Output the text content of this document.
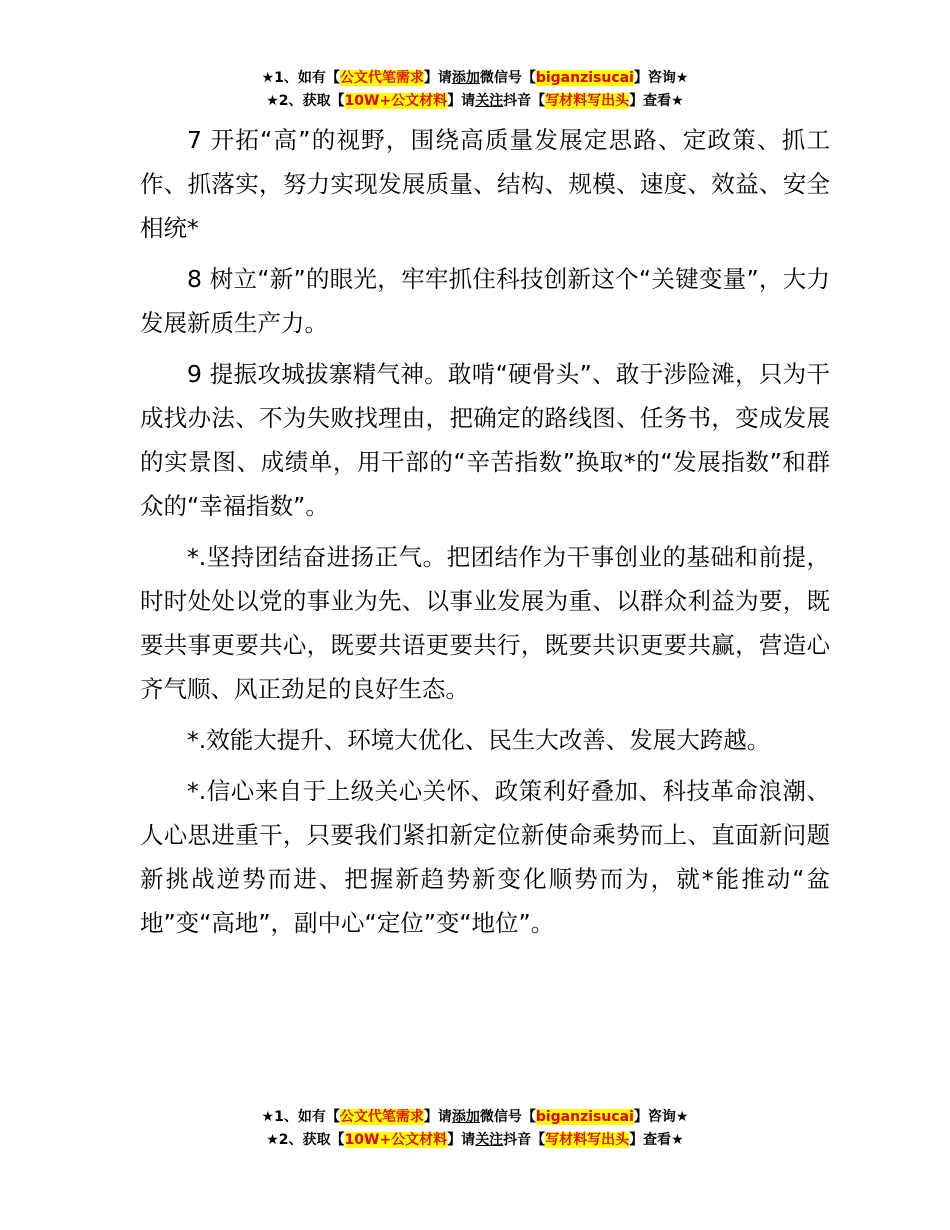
★1、如有【公文代笔需求】请添加微信号【biganzisucai】咨询★
★2、获取【10W+公文材料】请关注抖音【写材料写出头】查看★

7 开拓“高”的视野，围绕高质量发展定思路、定政策、抓工作、抓落实，努力实现发展质量、结构、规模、速度、效益、安全相统*

8 树立“新”的眼光，牢牢抓住科技创新这个“关键变量”，大力发展新质生产力。

9 提振攻城拔寨精气神。敢啃“硬骨头”、敢于涉险滩，只为干成找办法、不为失败找理由，把确定的路线图、任务书，变成发展的实景图、成绩单，用干部的“辛苦指数”换取*的“发展指数”和群众的“幸福指数”。

*.坚持团结奋进扬正气。把团结作为干事创业的基础和前提，时时处处以党的事业为先、以事业发展为重、以群众利益为要，既要共事更要共心，既要共语更要共行，既要共识更要共赢，营造心齐气顺、风正劲足的良好生态。

*.效能大提升、环境大优化、民生大改善、发展大跨越。

*.信心来自于上级关心关怀、政策利好叠加、科技革命浪潮、人心思进重干，只要我们紧扣新定位新使命乘势而上、直面新问题新挑战逆势而进、把握新趋势新变化顺势而为，就*能推动“盆地”变“高地”，副中心“定位”变“地位”。

★1、如有【公文代笔需求】请添加微信号【biganzisucai】咨询★
★2、获取【10W+公文材料】请关注抖音【写材料写出头】查看★
